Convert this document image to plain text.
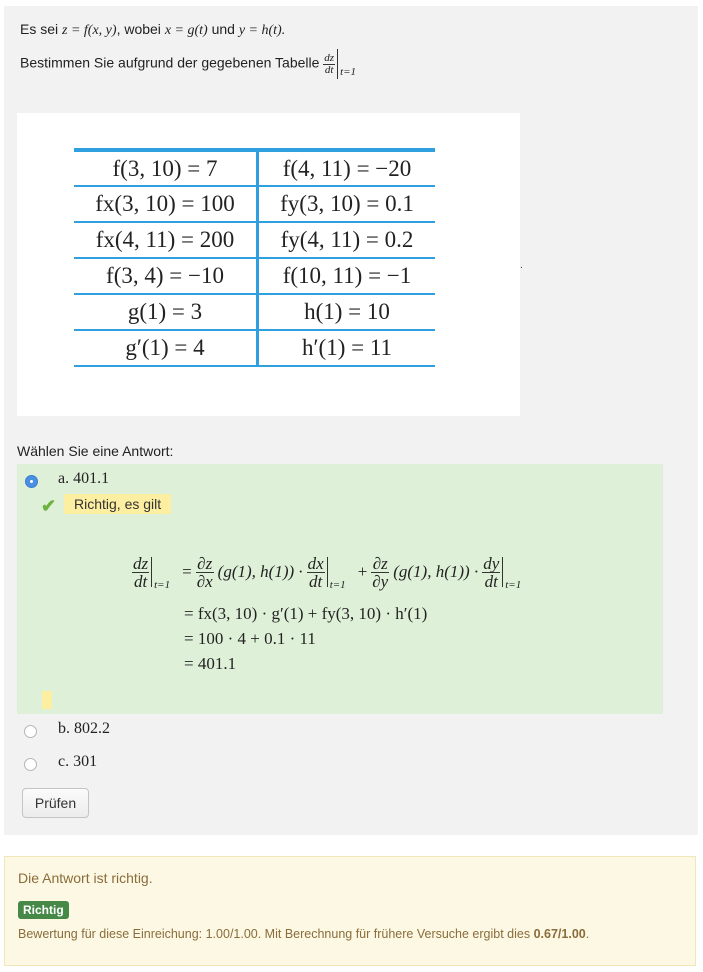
Es sei z = f(x, y), wobei x = g(t) und y = h(t).
Bestimmen Sie aufgrund der gegebenen Tabelle $\frac{dz}{dt} t=1$
f(3, 10) = 7	f(4, 11) = −20
fx(3, 10) = 100	fy(3, 10) = 0.1
fx(4, 11) = 200	fy(4, 11) = 0.2
f(3, 4) = −10	f(10, 11) = −1
g(1) = 3	h(1) = 10
g′(1) = 4	h′(1) = 11
.
Wählen Sie eine Antwort:
a. 401.1
✔	Richtig, es gilt
$\frac{dz}{dt} t=1$
= $\frac{\partial z}{\partial x} (g(1)$, $h(1)) \cdot \frac{dx}{dt} t=1$
+ $\frac{\partial z}{\partial y} (g(1)$, $h(1)) \cdot \frac{dy}{dt} t=1$
= fx(3, 10) · g′(1) + fy(3, 10) · h′(1)
= 100 · 4 + 0.1 · 11
= 401.1
b. 802.2
c. 301
Prüfen
Die Antwort ist richtig.
Richtig
Bewertung für diese Einreichung: 1.00/1.00. Mit Berechnung für frühere Versuche ergibt dies 0.67/1.00.
